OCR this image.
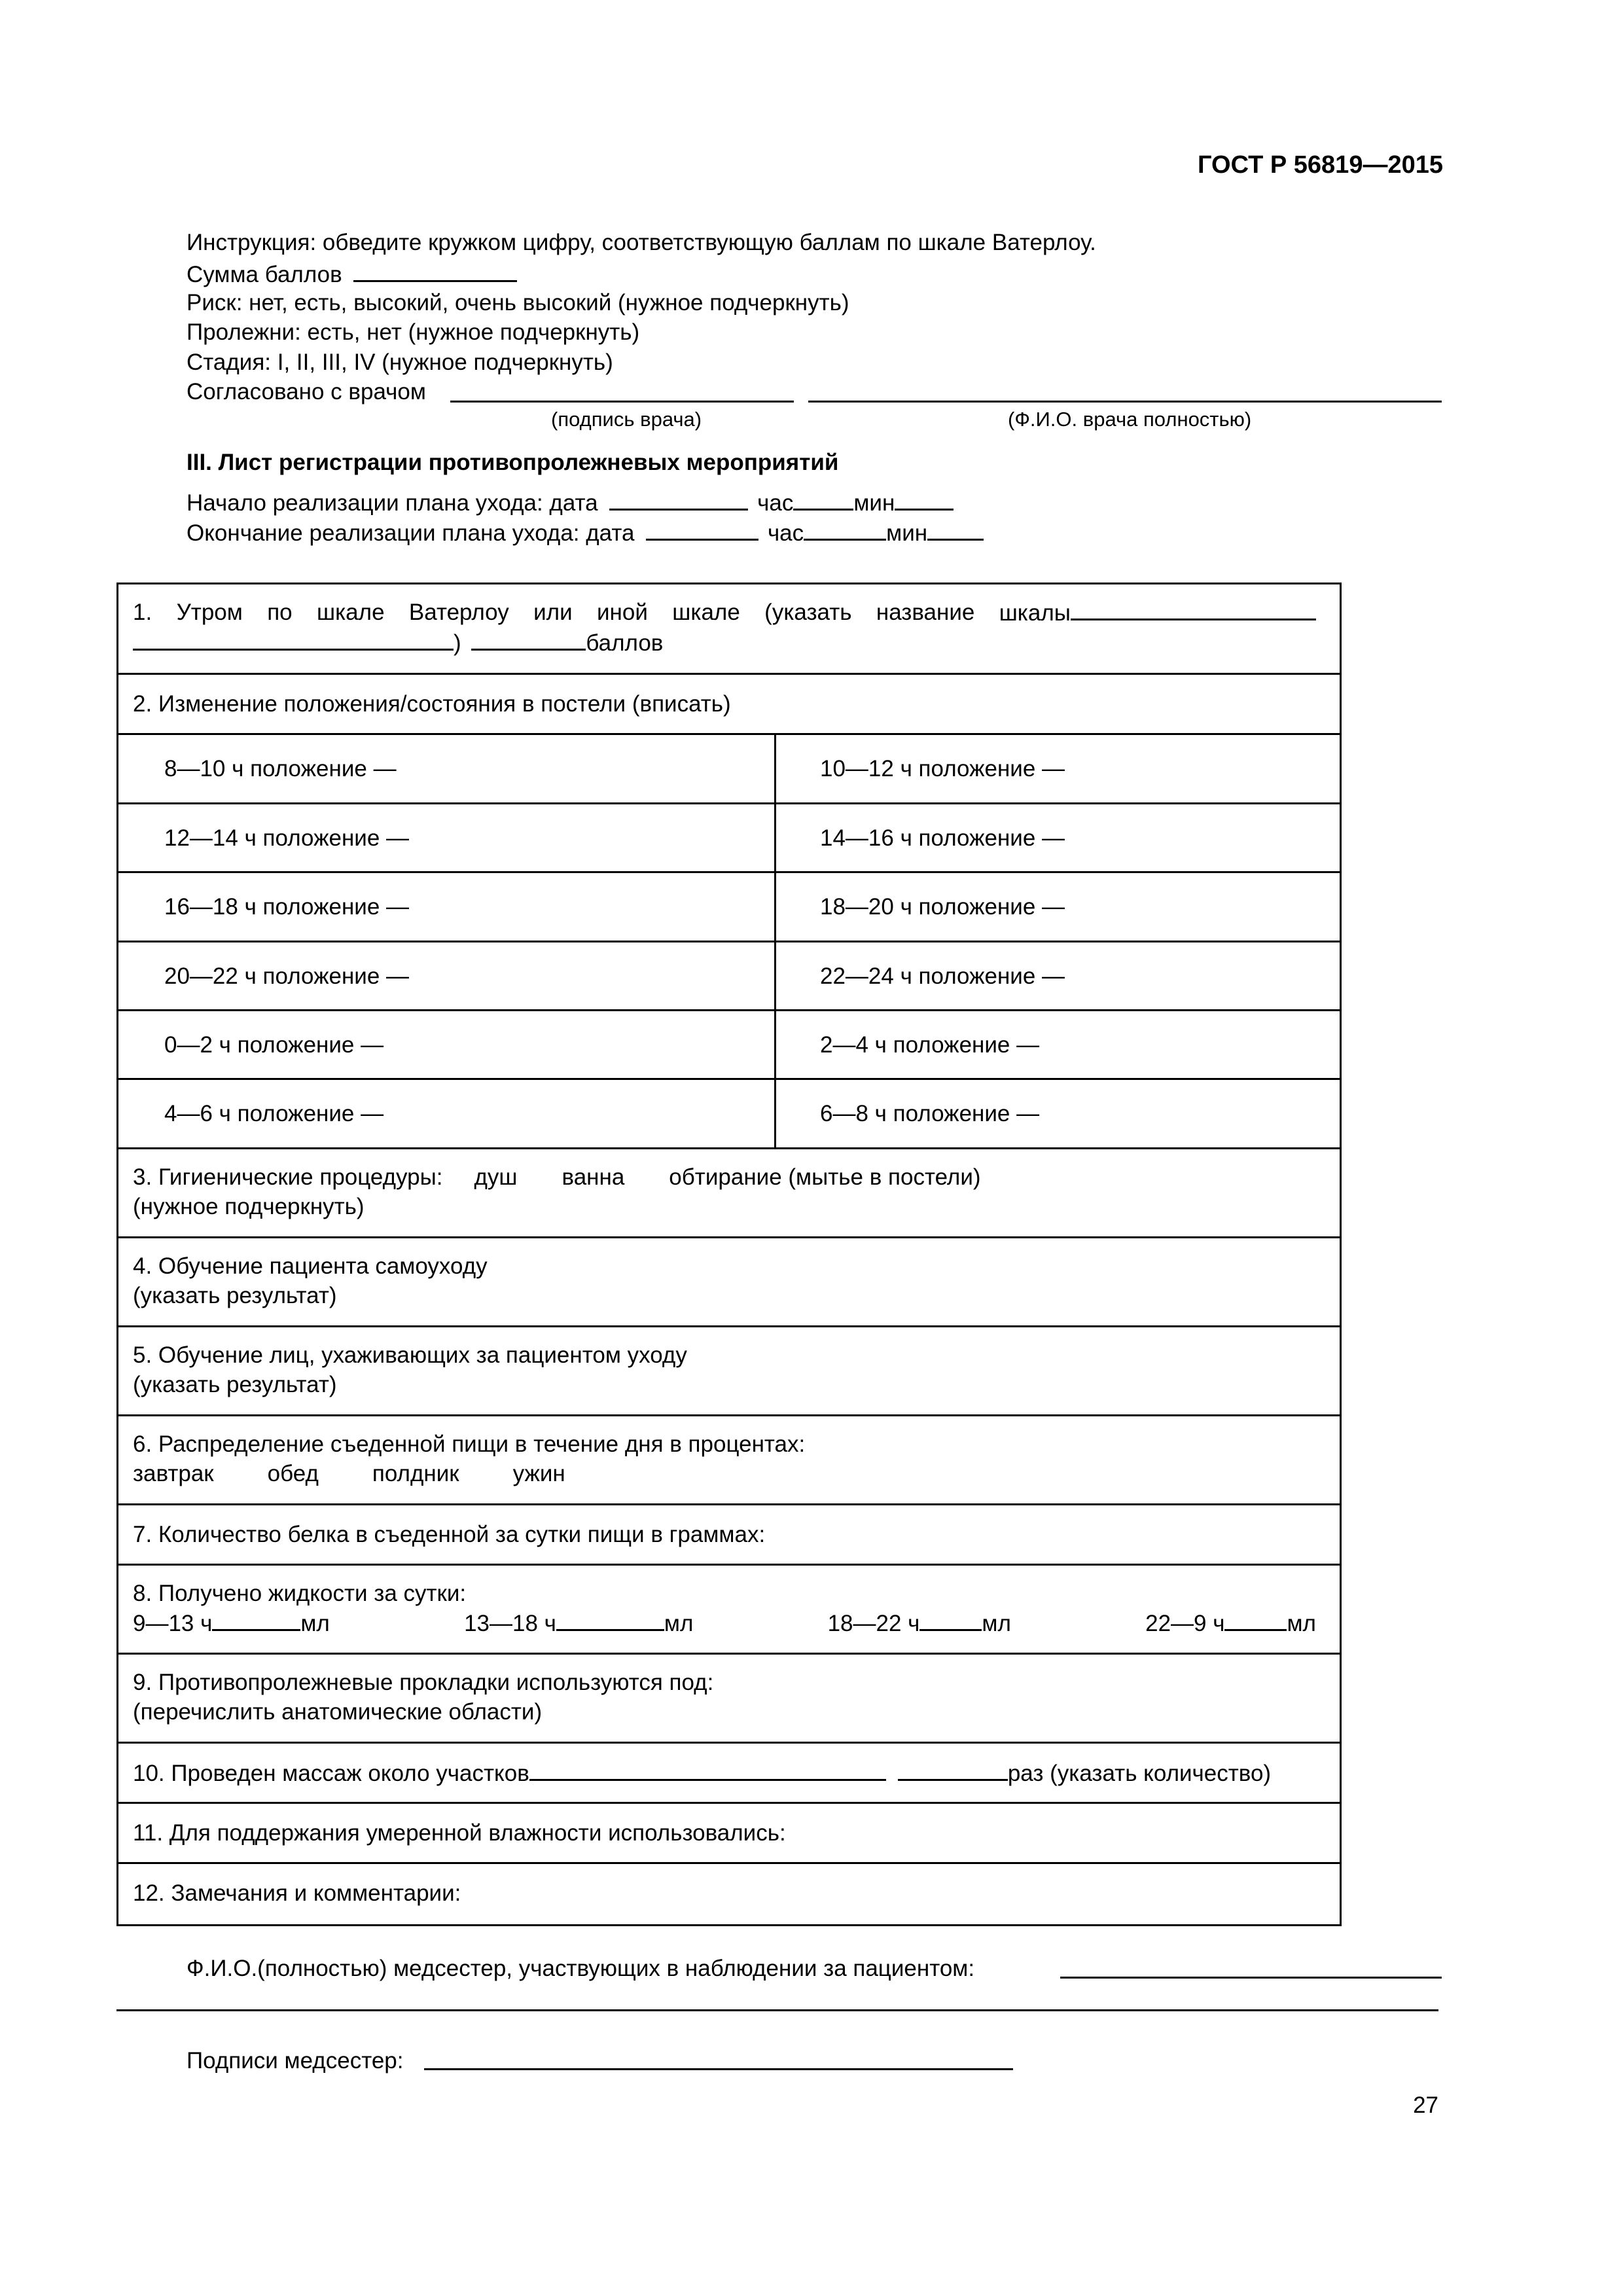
ГОСТ Р 56819—2015
Инструкция: обведите кружком цифру, соответствующую баллам по шкале Ватерлоу.
Сумма баллов
Риск: нет, есть, высокий, очень высокий (нужное подчеркнуть)
Пролежни: есть, нет (нужное подчеркнуть)
Стадия: I, II, III, IV (нужное подчеркнуть)
Согласовано с врачом
(подпись врача)	(Ф.И.О. врача полностью)
III. Лист регистрации противопролежневых мероприятий
Начало реализации плана ухода: дата	час	мин
Окончание реализации плана ухода: дата	час	мин
1. Утром по шкале Ватерлоу или иной шкале (указать название шкалы
)	баллов
2. Изменение положения/состояния в постели (вписать)
8—10 ч положение —	10—12 ч положение —
12—14 ч положение —	14—16 ч положение —
16—18 ч положение —	18—20 ч положение —
20—22 ч положение —	22—24 ч положение —
0—2 ч положение —	2—4 ч положение —
4—6 ч положение —	6—8 ч положение —
3. Гигиенические процедуры: душ ванна обтирание (мытье в постели)
(нужное подчеркнуть)
4. Обучение пациента самоуходу
(указать результат)
5. Обучение лиц, ухаживающих за пациентом уходу
(указать результат)
6. Распределение съеденной пищи в течение дня в процентах:
завтрак обед полдник ужин
7. Количество белка в съеденной за сутки пищи в граммах:
8. Получено жидкости за сутки:
9—13 ч	мл	13—18 ч	мл	18—22 ч	мл	22—9 ч	мл
9. Противопролежневые прокладки используются под:
(перечислить анатомические области)
10. Проведен массаж около участков	раз (указать количество)
11. Для поддержания умеренной влажности использовались:
12. Замечания и комментарии:
Ф.И.О.(полностью) медсестер, участвующих в наблюдении за пациентом:
Подписи медсестер:
27
